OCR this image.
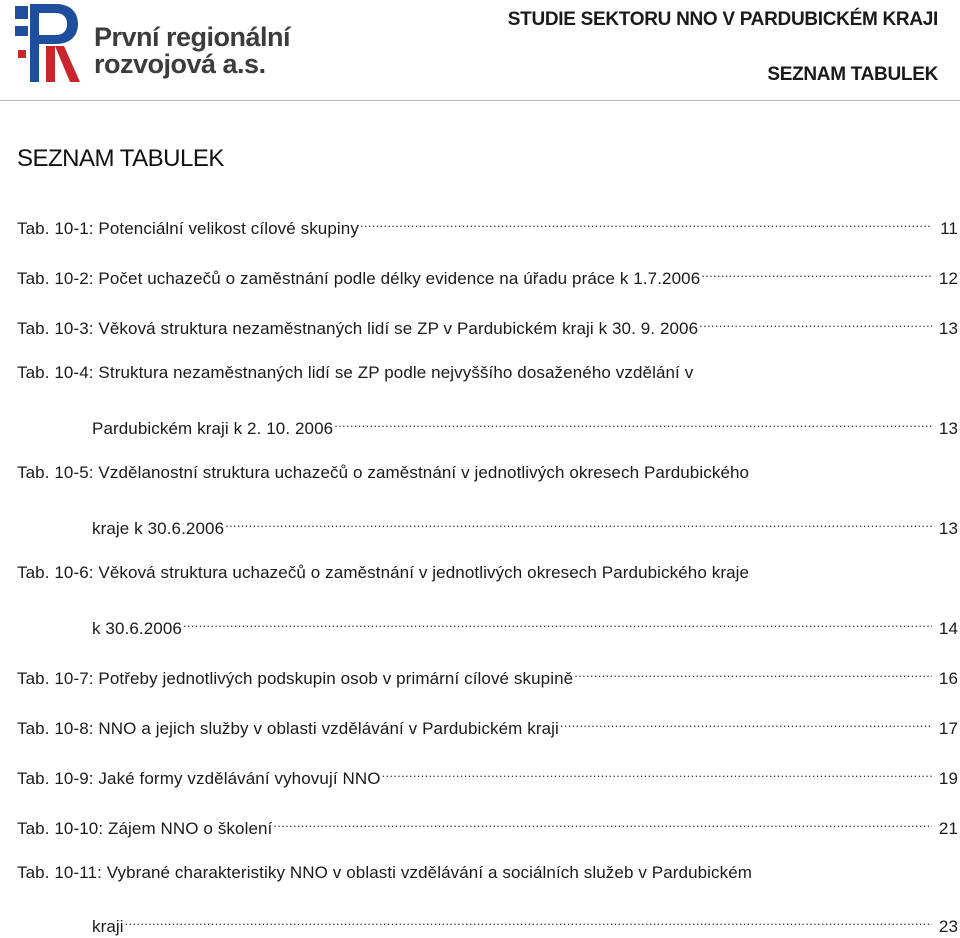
První regionální
rozvojová a.s.
STUDIE SEKTORU NNO V PARDUBICKÉM KRAJI
SEZNAM TABULEK
SEZNAM TABULEK
Tab. 10-1: Potenciální velikost cílové skupiny .....	11
Tab. 10-2: Počet uchazečů o zaměstnání podle délky evidence na úřadu práce k 1.7.2006 .....	12
Tab. 10-3: Věková struktura nezaměstnaných lidí se ZP v Pardubickém kraji k 30. 9. 2006 .....	13
Tab. 10-4: Struktura nezaměstnaných lidí se ZP podle nejvyššího dosaženého vzdělání v
Pardubickém kraji k 2. 10. 2006 .....	13
Tab. 10-5: Vzdělanostní struktura uchazečů o zaměstnání v jednotlivých okresech Pardubického
kraje k 30.6.2006 .....	13
Tab. 10-6: Věková struktura uchazečů o zaměstnání v jednotlivých okresech Pardubického kraje
k 30.6.2006 .....	14
Tab. 10-7: Potřeby jednotlivých podskupin osob v primární cílové skupině .....	16
Tab. 10-8: NNO a jejich služby v oblasti vzdělávání v Pardubickém kraji .....	17
Tab. 10-9: Jaké formy vzdělávání vyhovují NNO .....	19
Tab. 10-10: Zájem NNO o školení .....	21
Tab. 10-11: Vybrané charakteristiky NNO v oblasti vzdělávání a sociálních služeb v Pardubickém
kraji .....	23
